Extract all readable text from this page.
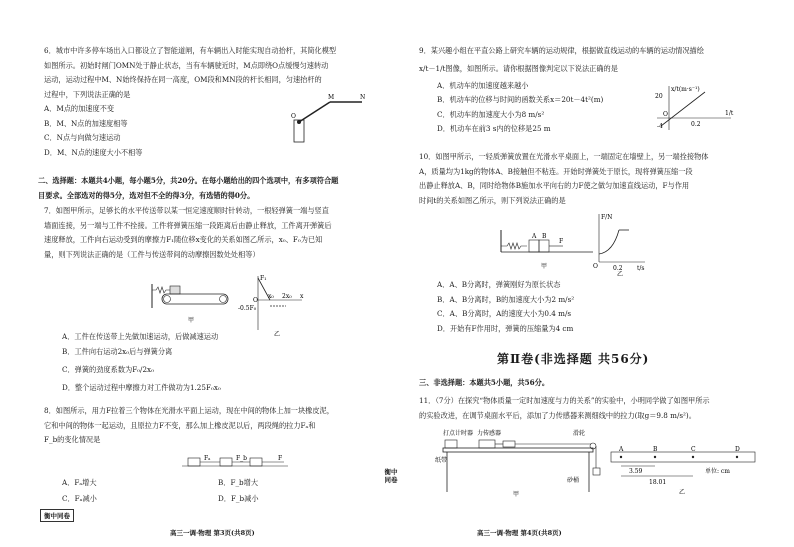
6．城市中许多停车场出入口都设立了智能道闸，有车辆出入时能实现自动抬杆，其简化模型
如图所示。初始时闸门OMN处于静止状态，当有车辆驶近时，M点即绕O点缓慢匀速转动
运动，运动过程中M、N始终保持在同一高度，OM段和MN段的杆长相同，匀速抬杆的
过程中，下列说法正确的是
A．M点的加速度不变
B．M、N点的加速度相等
C．N点与向做匀速运动
D．M、N点的速度大小不相等
O
M	N
二、选择题：本题共4小题，每小题5分，共20分。在每小题给出的四个选项中，有多项符合题
目要求。全部选对的得5分，选对但不全的得3分，有选错的得0分。
7．如图甲所示，足够长的水平传送带以某一恒定速度顺时针转动，一根轻弹簧一端与竖直
墙面连接，另一端与工件不拴接。工件将弹簧压缩一段距离后由静止释放，工件离开弹簧后
速度释放，工件向右运动受到的摩擦力F₁随位移x变化的关系如图乙所示，x₀、F₀为已知
量，则下列说法正确的是（工件与传送带间的动摩擦因数处处相等）
甲
F₁
x
-0.5F₀
O
x₀ 2x₀
乙
A．工件在传送带上先做加速运动，后做减速运动
B．工件向右运动2x₀后与弹簧分离
C．弹簧的劲度系数为F₀/2x₀
D．整个运动过程中摩擦力对工件做功为1.25F₀x₀
8．如图所示，用力F拉着三个物体在光滑水平面上运动，现在中间的物体上加一块橡皮泥，
它和中间的物体一起运动，且原拉力F不变，那么加上橡皮泥以后，两段绳的拉力Fₐ和
F_b的变化情况是
Fₐ	F_b	F
A．Fₐ增大	B．F_b增大
C．Fₐ减小	D．F_b减小
衡中同卷
高三一调·物理 第3页(共8页)
衡中同卷
9．某兴趣小组在平直公路上研究车辆的运动规律，根据做直线运动的车辆的运动情况描绘
x/t－1/t图像，如图所示。请你根据图像判定以下说法正确的是
A．机动车的加速度越来越小
B．机动车的位移与时间的函数关系x＝20t－4t²(m)
C．机动车的加速度大小为8 m/s²
D．机动车在前3 s内的位移是25 m
x/t(m·s⁻¹)
1/t
20
-4
O
0.2
10．如图甲所示，一轻质弹簧放置在光滑水平桌面上，一端固定在墙壁上，另一端拴接物体
A，质量均为1kg的物体A、B接触但不粘连。开始时弹簧处于原长，现将弹簧压缩一段
出静止释放A、B，同时给物体B施加水平向右的力F使之做匀加速直线运动，F与作用
时间t的关系如图乙所示，则下列说法正确的是
A B
F
甲
F/N
t/s
O	0.2
乙
A．A、B分离时，弹簧刚好为原长状态
B．A、B分离时，B的加速度大小为2 m/s²
C．A、B分离时，A的速度大小为0.4 m/s
D．开始有F作用时，弹簧的压缩量为4 cm
第Ⅱ卷(非选择题 共56分)
三、非选择题：本题共5小题，共56分。
11．（7分）在探究“物体质量一定时加速度与力的关系”的实验中，小明同学做了如图甲所示
的实验改进，在调节桌面水平后，添加了力传感器来测细线中的拉力(取g＝9.8 m/s²)。
打点计时器 力传感器
纸带
滑轮
砂桶
甲
A	B	C	D
3.59
18.01
单位: cm
乙
高三一调·物理 第4页(共8页)
